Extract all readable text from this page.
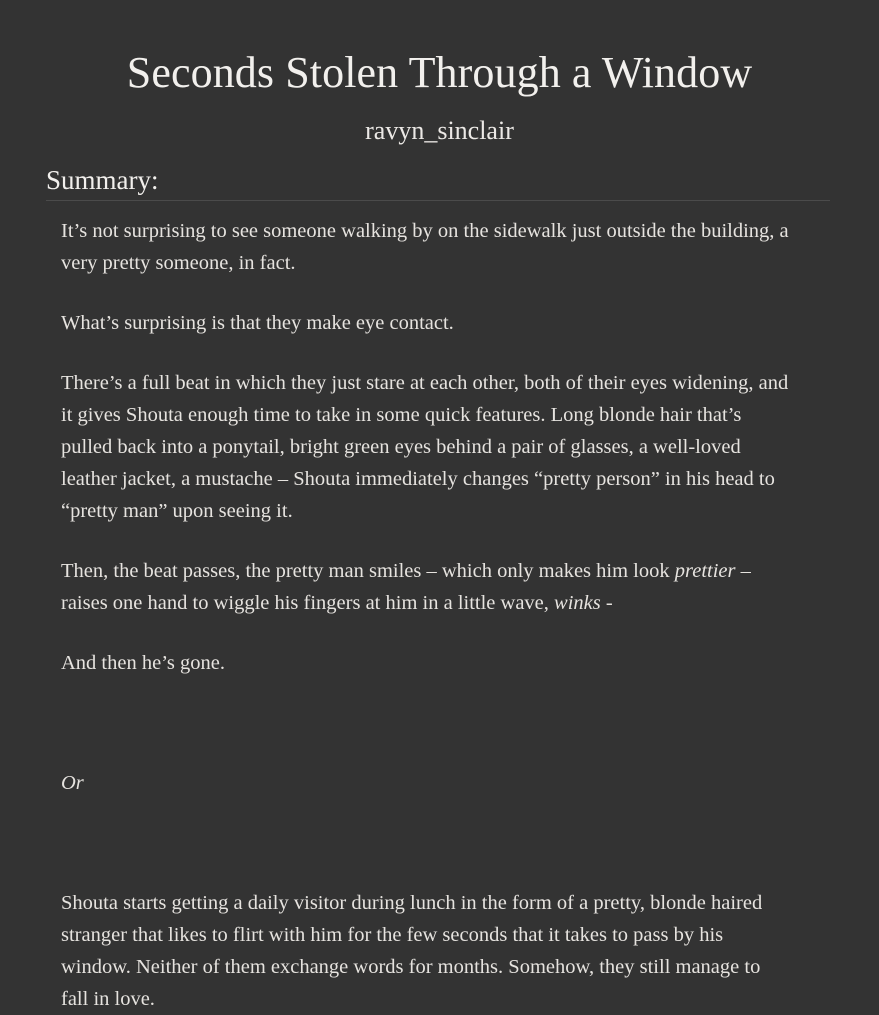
Seconds Stolen Through a Window
ravyn_sinclair
Summary:

It’s not surprising to see someone walking by on the sidewalk just outside the building, a very pretty someone, in fact.

What’s surprising is that they make eye contact.

There’s a full beat in which they just stare at each other, both of their eyes widening, and it gives Shouta enough time to take in some quick features. Long blonde hair that’s pulled back into a ponytail, bright green eyes behind a pair of glasses, a well-loved leather jacket, a mustache – Shouta immediately changes “pretty person” in his head to “pretty man” upon seeing it.

Then, the beat passes, the pretty man smiles – which only makes him look prettier – raises one hand to wiggle his fingers at him in a little wave, winks -

And then he’s gone.

Or

Shouta starts getting a daily visitor during lunch in the form of a pretty, blonde haired stranger that likes to flirt with him for the few seconds that it takes to pass by his window. Neither of them exchange words for months. Somehow, they still manage to fall in love.
